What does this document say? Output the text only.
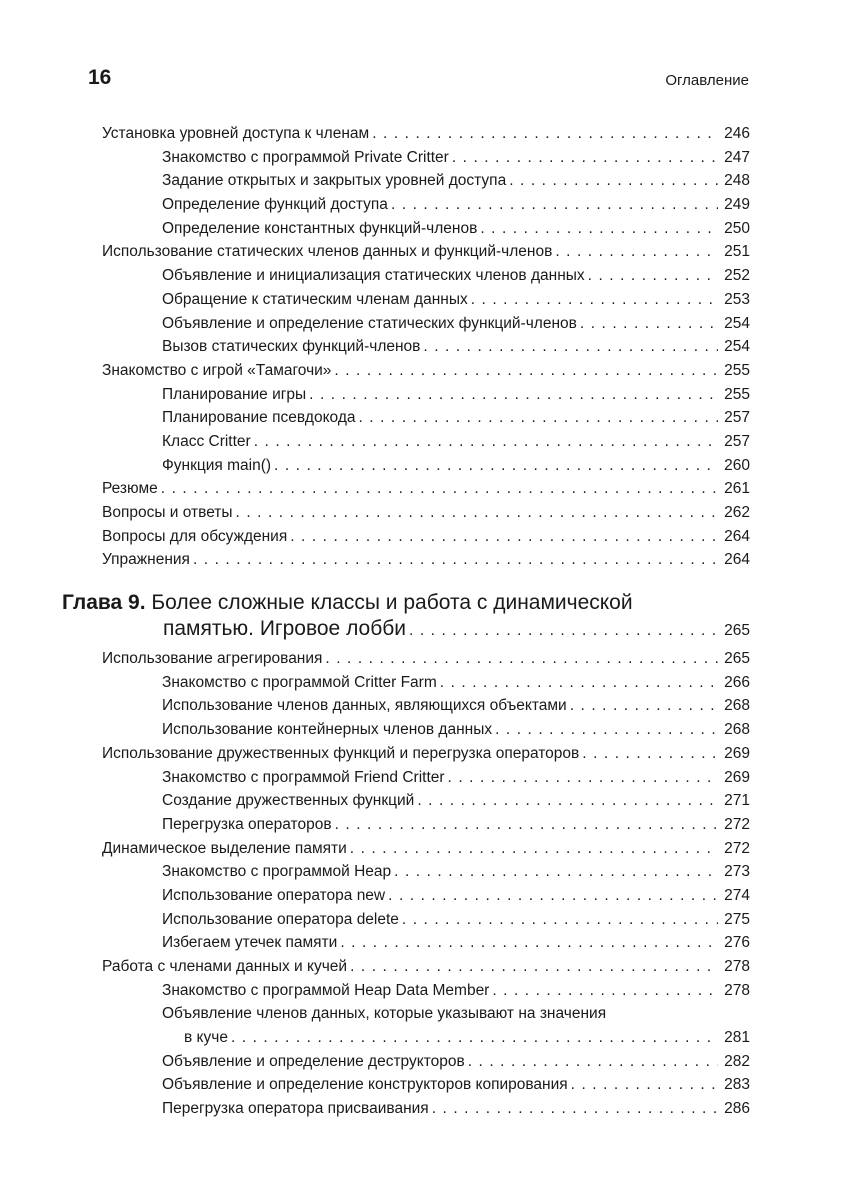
16	Оглавление
Установка уровней доступа к членам . . .	246
Знакомство с программой Private Critter . . .	247
Задание открытых и закрытых уровней доступа . . .	248
Определение функций доступа . . .	249
Определение константных функций-членов . . .	250
Использование статических членов данных и функций-членов . . .	251
Объявление и инициализация статических членов данных . . .	252
Обращение к статическим членам данных . . .	253
Объявление и определение статических функций-членов . . .	254
Вызов статических функций-членов . . .	254
Знакомство с игрой «Тамагочи» . . .	255
Планирование игры . . .	255
Планирование псевдокода . . .	257
Класс Critter . . .	257
Функция main() . . .	260
Резюме . . .	261
Вопросы и ответы . . .	262
Вопросы для обсуждения . . .	264
Упражнения . . .	264
Глава 9. Более сложные классы и работа с динамической
памятью. Игровое лобби . . .	265
Использование агрегирования . . .	265
Знакомство с программой Critter Farm . . .	266
Использование членов данных, являющихся объектами . . .	268
Использование контейнерных членов данных . . .	268
Использование дружественных функций и перегрузка операторов . . .	269
Знакомство с программой Friend Critter . . .	269
Создание дружественных функций . . .	271
Перегрузка операторов . . .	272
Динамическое выделение памяти . . .	272
Знакомство с программой Heap . . .	273
Использование оператора new . . .	274
Использование оператора delete . . .	275
Избегаем утечек памяти . . .	276
Работа с членами данных и кучей . . .	278
Знакомство с программой Heap Data Member . . .	278
Объявление членов данных, которые указывают на значения
в куче . . .	281
Объявление и определение деструкторов . . .	282
Объявление и определение конструкторов копирования . . .	283
Перегрузка оператора присваивания . . .	286
